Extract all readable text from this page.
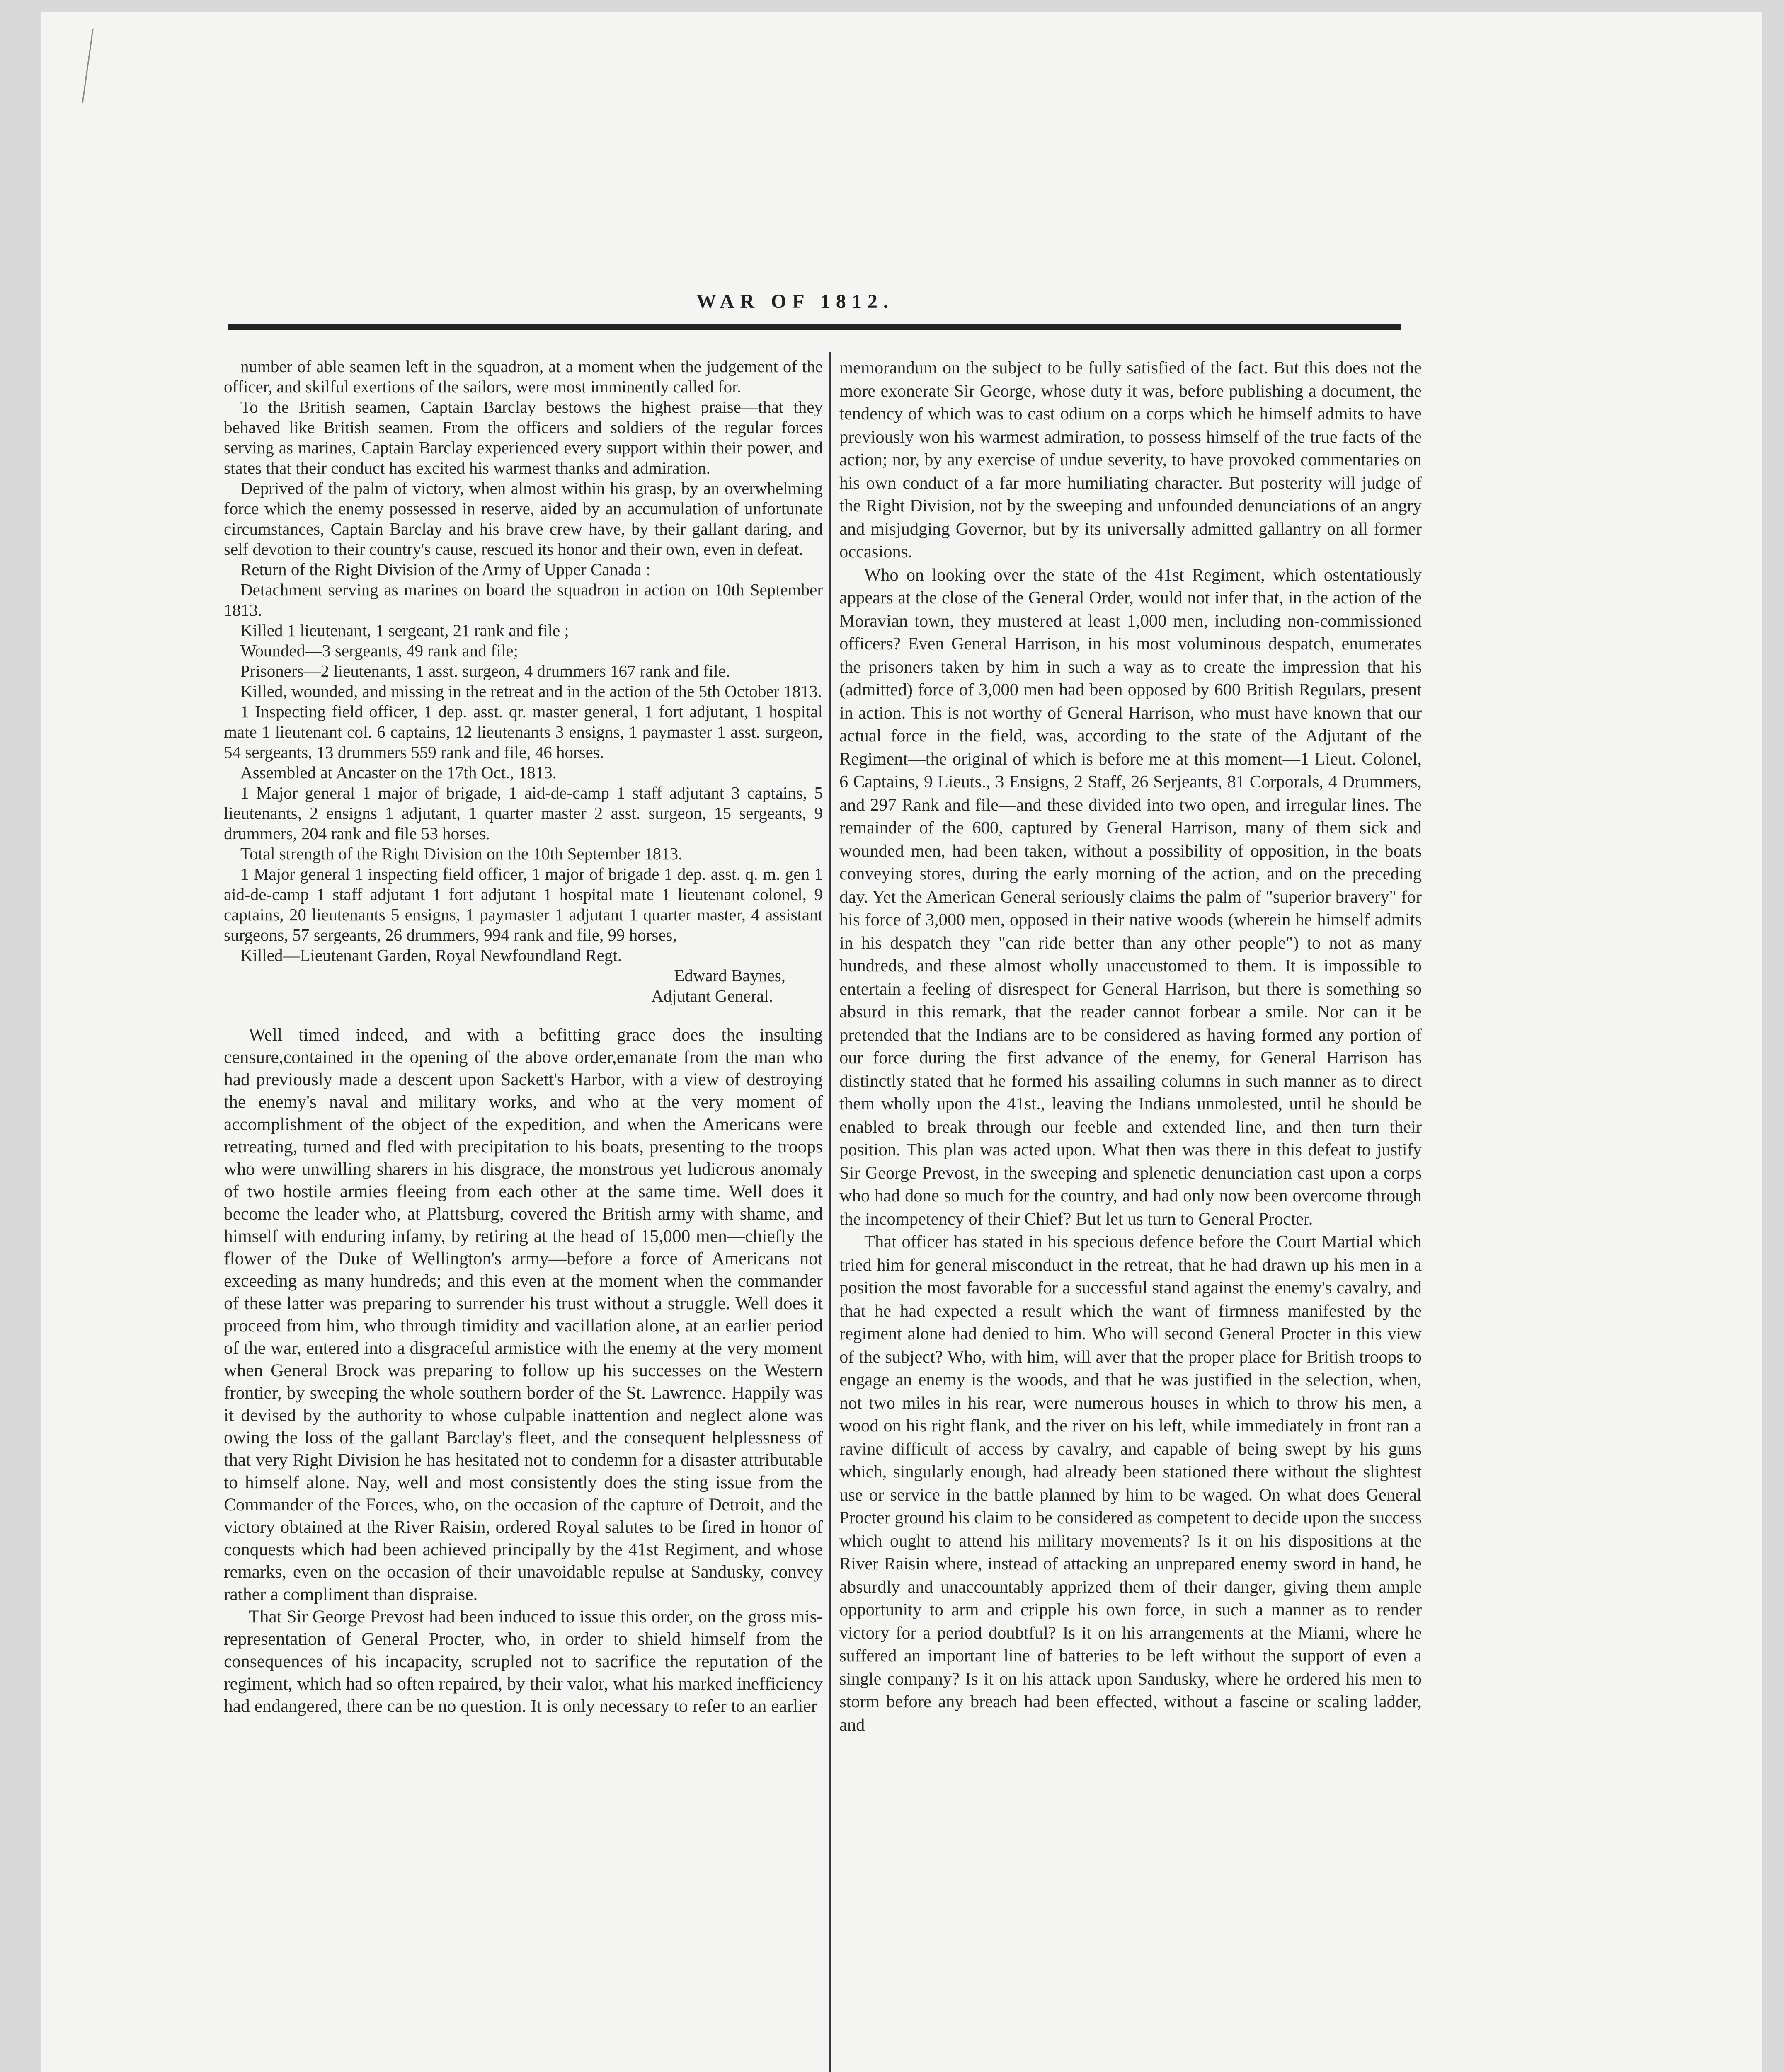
WAR OF 1812.

number of able seamen left in the squadron, at a moment when the judgement of the officer, and skilful exertions of the sailors, were most imminently called for.

To the British seamen, Captain Barclay bestows the highest praise—that they behaved like British seamen. From the officers and soldiers of the regular forces serving as marines, Captain Barclay experienced every support within their power, and states that their conduct has excited his warmest thanks and admiration.

Deprived of the palm of victory, when almost within his grasp, by an overwhelming force which the enemy possessed in reserve, aided by an accumulation of unfortunate circumstances, Captain Barclay and his brave crew have, by their gallant daring, and self devotion to their country's cause, rescued its honor and their own, even in defeat.

Return of the Right Division of the Army of Upper Canada :

Detachment serving as marines on board the squadron in action on 10th September 1813.

Killed 1 lieutenant, 1 sergeant, 21 rank and file ;

Wounded—3 sergeants, 49 rank and file;

Prisoners—2 lieutenants, 1 asst. surgeon, 4 drummers 167 rank and file.

Killed, wounded, and missing in the retreat and in the action of the 5th October 1813.

1 Inspecting field officer, 1 dep. asst. qr. master general, 1 fort adjutant, 1 hospital mate 1 lieutenant col. 6 captains, 12 lieutenants 3 ensigns, 1 paymaster 1 asst. surgeon, 54 sergeants, 13 drummers 559 rank and file, 46 horses.

Assembled at Ancaster on the 17th Oct., 1813.

1 Major general 1 major of brigade, 1 aid-de-camp 1 staff adjutant 3 captains, 5 lieutenants, 2 ensigns 1 adjutant, 1 quarter master 2 asst. surgeon, 15 sergeants, 9 drummers, 204 rank and file 53 horses.

Total strength of the Right Division on the 10th September 1813.

1 Major general 1 inspecting field officer, 1 major of brigade 1 dep. asst. q. m. gen 1 aid-de-camp 1 staff adjutant 1 fort adjutant 1 hospital mate 1 lieutenant colonel, 9 captains, 20 lieutenants 5 ensigns, 1 paymaster 1 adjutant 1 quarter master, 4 assistant surgeons, 57 sergeants, 26 drummers, 994 rank and file, 99 horses,

Killed—Lieutenant Garden, Royal Newfoundland Regt.

Edward Baynes,
Adjutant General.

Well timed indeed, and with a befitting grace does the insulting censure,contained in the opening of the above order,emanate from the man who had previously made a descent upon Sackett's Harbor, with a view of destroying the enemy's naval and military works, and who at the very moment of accomplishment of the object of the expedition, and when the Americans were retreating, turned and fled with precipitation to his boats, presenting to the troops who were unwilling sharers in his disgrace, the monstrous yet ludicrous anomaly of two hostile armies fleeing from each other at the same time. Well does it become the leader who, at Plattsburg, covered the British army with shame, and himself with enduring infamy, by retiring at the head of 15,000 men—chiefly the flower of the Duke of Wellington's army—before a force of Americans not exceeding as many hundreds; and this even at the moment when the commander of these latter was preparing to surrender his trust without a struggle. Well does it proceed from him, who through timidity and vacillation alone, at an earlier period of the war, entered into a disgraceful armistice with the enemy at the very moment when General Brock was preparing to follow up his successes on the Western frontier, by sweeping the whole southern border of the St. Lawrence. Happily was it devised by the authority to whose culpable inattention and neglect alone was owing the loss of the gallant Barclay's fleet, and the consequent helplessness of that very Right Division he has hesitated not to condemn for a disaster attributable to himself alone. Nay, well and most consistently does the sting issue from the Commander of the Forces, who, on the occasion of the capture of Detroit, and the victory obtained at the River Raisin, ordered Royal salutes to be fired in honor of conquests which had been achieved principally by the 41st Regiment, and whose remarks, even on the occasion of their unavoidable repulse at Sandusky, convey rather a compliment than dispraise.

That Sir George Prevost had been induced to issue this order, on the gross mis-representation of General Procter, who, in order to shield himself from the consequences of his incapacity, scrupled not to sacrifice the reputation of the regiment, which had so often repaired, by their valor, what his marked inefficiency had endangered, there can be no question. It is only necessary to refer to an earlier

memorandum on the subject to be fully satisfied of the fact. But this does not the more exonerate Sir George, whose duty it was, before publishing a document, the tendency of which was to cast odium on a corps which he himself admits to have previously won his warmest admiration, to possess himself of the true facts of the action; nor, by any exercise of undue severity, to have provoked commentaries on his own conduct of a far more humiliating character. But posterity will judge of the Right Division, not by the sweeping and unfounded denunciations of an angry and misjudging Governor, but by its universally admitted gallantry on all former occasions.

Who on looking over the state of the 41st Regiment, which ostentatiously appears at the close of the General Order, would not infer that, in the action of the Moravian town, they mustered at least 1,000 men, including non-commissioned officers? Even General Harrison, in his most voluminous despatch, enumerates the prisoners taken by him in such a way as to create the impression that his (admitted) force of 3,000 men had been opposed by 600 British Regulars, present in action. This is not worthy of General Harrison, who must have known that our actual force in the field, was, according to the state of the Adjutant of the Regiment—the original of which is before me at this moment—1 Lieut. Colonel, 6 Captains, 9 Lieuts., 3 Ensigns, 2 Staff, 26 Serjeants, 81 Corporals, 4 Drummers, and 297 Rank and file—and these divided into two open, and irregular lines. The remainder of the 600, captured by General Harrison, many of them sick and wounded men, had been taken, without a possibility of opposition, in the boats conveying stores, during the early morning of the action, and on the preceding day. Yet the American General seriously claims the palm of "superior bravery" for his force of 3,000 men, opposed in their native woods (wherein he himself admits in his despatch they "can ride better than any other people") to not as many hundreds, and these almost wholly unaccustomed to them. It is impossible to entertain a feeling of disrespect for General Harrison, but there is something so absurd in this remark, that the reader cannot forbear a smile. Nor can it be pretended that the Indians are to be considered as having formed any portion of our force during the first advance of the enemy, for General Harrison has distinctly stated that he formed his assailing columns in such manner as to direct them wholly upon the 41st., leaving the Indians unmolested, until he should be enabled to break through our feeble and extended line, and then turn their position. This plan was acted upon. What then was there in this defeat to justify Sir George Prevost, in the sweeping and splenetic denunciation cast upon a corps who had done so much for the country, and had only now been overcome through the incompetency of their Chief? But let us turn to General Procter.

That officer has stated in his specious defence before the Court Martial which tried him for general misconduct in the retreat, that he had drawn up his men in a position the most favorable for a successful stand against the enemy's cavalry, and that he had expected a result which the want of firmness manifested by the regiment alone had denied to him. Who will second General Procter in this view of the subject? Who, with him, will aver that the proper place for British troops to engage an enemy is the woods, and that he was justified in the selection, when, not two miles in his rear, were numerous houses in which to throw his men, a wood on his right flank, and the river on his left, while immediately in front ran a ravine difficult of access by cavalry, and capable of being swept by his guns which, singularly enough, had already been stationed there without the slightest use or service in the battle planned by him to be waged. On what does General Procter ground his claim to be considered as competent to decide upon the success which ought to attend his military movements? Is it on his dispositions at the River Raisin where, instead of attacking an unprepared enemy sword in hand, he absurdly and unaccountably apprized them of their danger, giving them ample opportunity to arm and cripple his own force, in such a manner as to render victory for a period doubtful? Is it on his arrangements at the Miami, where he suffered an important line of batteries to be left without the support of even a single company? Is it on his attack upon Sandusky, where he ordered his men to storm before any breach had been effected, without a fascine or scaling ladder, and
